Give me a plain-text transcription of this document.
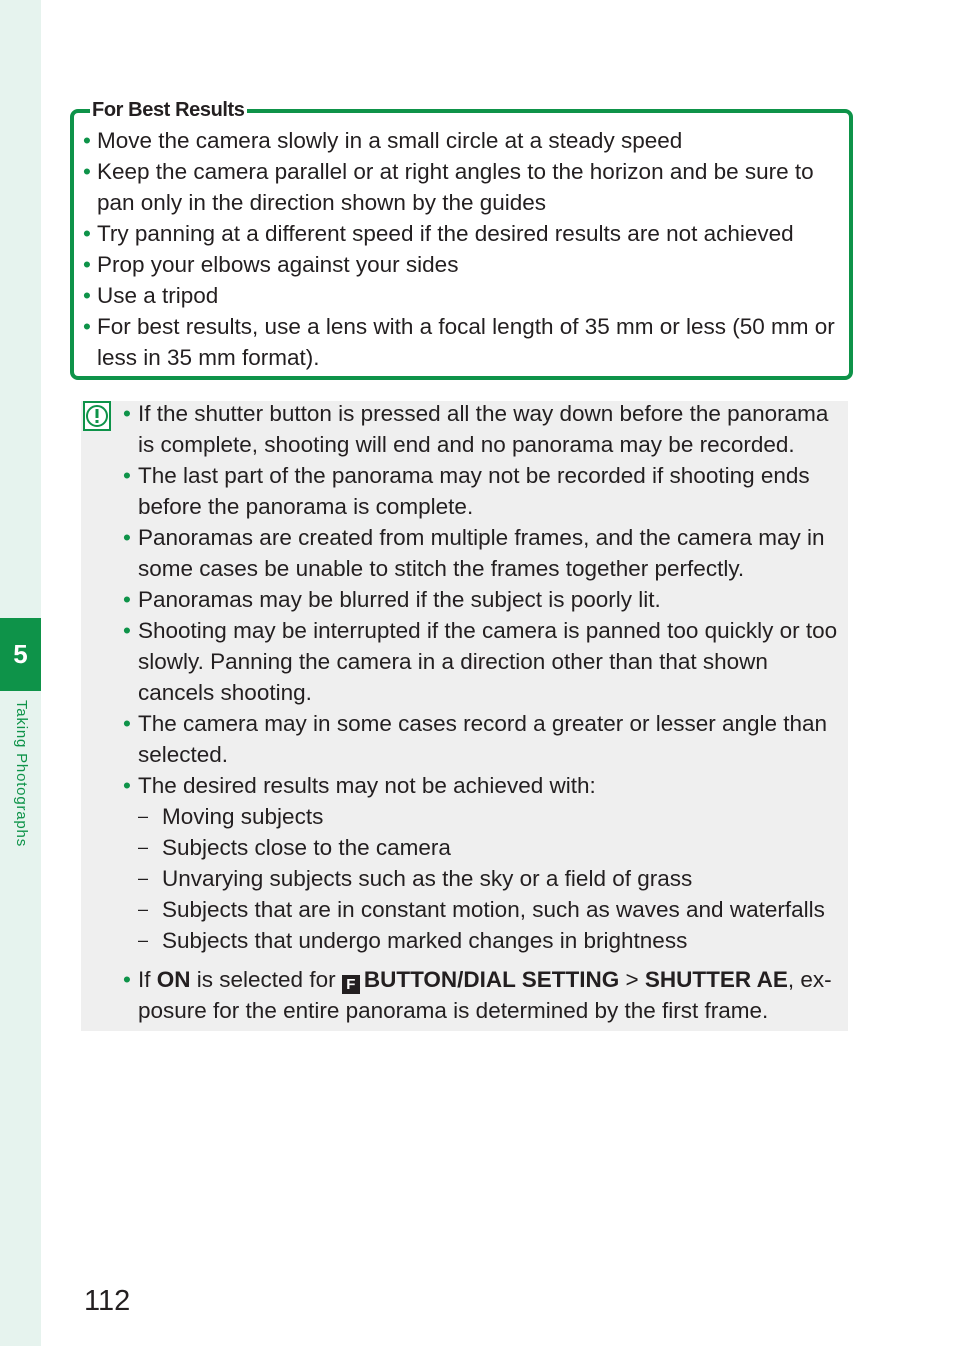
5
Taking Photographs
For Best Results
• Move the camera slowly in a small circle at a steady speed
• Keep the camera parallel or at right angles to the horizon and be sure to pan only in the direction shown by the guides
• Try panning at a different speed if the desired results are not achieved
• Prop your elbows against your sides
• Use a tripod
• For best results, use a lens with a focal length of 35 mm or less (50 mm or less in 35 mm format).
• If the shutter button is pressed all the way down before the panorama is complete, shooting will end and no panorama may be recorded.
• The last part of the panorama may not be recorded if shooting ends before the panorama is complete.
• Panoramas are created from multiple frames, and the camera may in some cases be unable to stitch the frames together perfectly.
• Panoramas may be blurred if the subject is poorly lit.
• Shooting may be interrupted if the camera is panned too quickly or too slowly. Panning the camera in a direction other than that shown cancels shooting.
• The camera may in some cases record a greater or lesser angle than selected.
• The desired results may not be achieved with:
– Moving subjects
– Subjects close to the camera
– Unvarying subjects such as the sky or a field of grass
– Subjects that are in constant motion, such as waves and waterfalls
– Subjects that undergo marked changes in brightness
• If ON is selected for F BUTTON/DIAL SETTING > SHUTTER AE, ex-posure for the entire panorama is determined by the first frame.
112
